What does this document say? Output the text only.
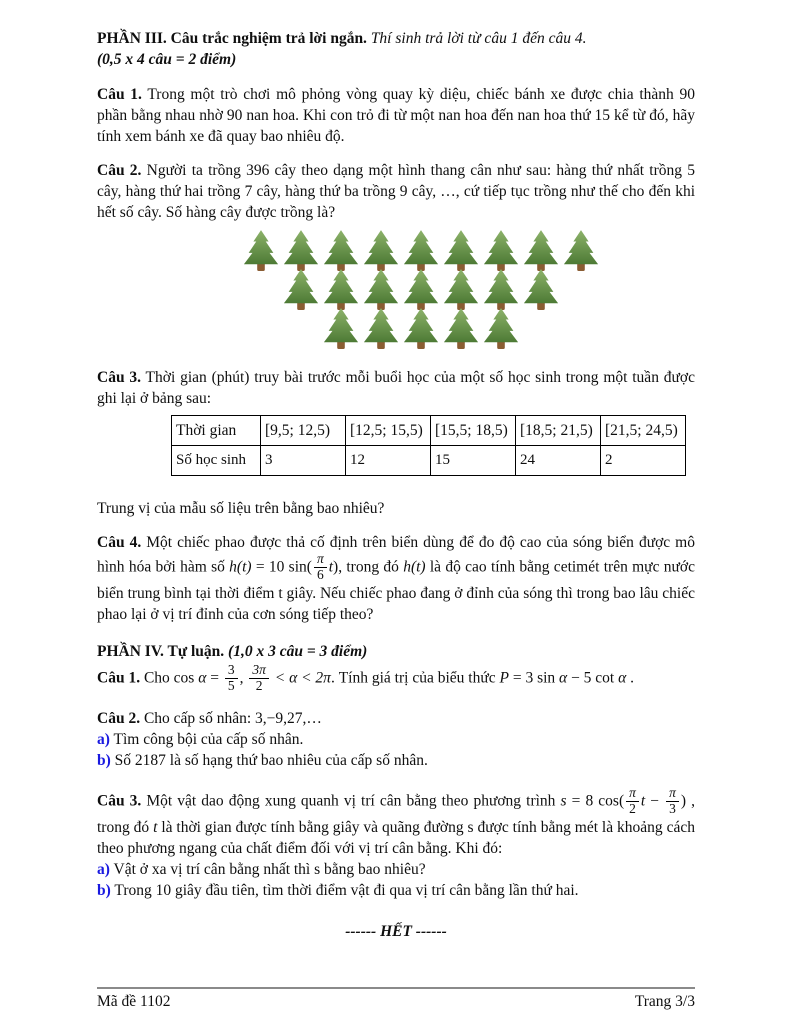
PHẦN III. Câu trắc nghiệm trả lời ngắn. Thí sinh trả lời từ câu 1 đến câu 4.
(0,5 x 4 câu = 2 điểm)

Câu 1. Trong một trò chơi mô phỏng vòng quay kỳ diệu, chiếc bánh xe được chia thành 90 phần bằng nhau nhờ 90 nan hoa. Khi con trỏ đi từ một nan hoa đến nan hoa thứ 15 kể từ đó, hãy tính xem bánh xe đã quay bao nhiêu độ.

Câu 2. Người ta trồng 396 cây theo dạng một hình thang cân như sau: hàng thứ nhất trồng 5 cây, hàng thứ hai trồng 7 cây, hàng thứ ba trồng 9 cây, …, cứ tiếp tục trồng như thế cho đến khi hết số cây. Số hàng cây được trồng là?

Câu 3. Thời gian (phút) truy bài trước mỗi buổi học của một số học sinh trong một tuần được ghi lại ở bảng sau:

Thời gian	[9,5; 12,5)	[12,5; 15,5)	[15,5; 18,5)	[18,5; 21,5)	[21,5; 24,5)
Số học sinh	3	12	15	24	2

Trung vị của mẫu số liệu trên bằng bao nhiêu?

Câu 4. Một chiếc phao được thả cố định trên biển dùng để đo độ cao của sóng biển được mô hình hóa bởi hàm số h(t) = 10 $\sin( \frac{\pi}{6} t)$, trong đó h(t) là độ cao tính bằng cetimét trên mực nước biển trung bình tại thời điểm t giây. Nếu chiếc phao đang ở đỉnh của sóng thì trong bao lâu chiếc phao lại ở vị trí đỉnh của cơn sóng tiếp theo?

PHẦN IV. Tự luận. (1,0 x 3 câu = 3 điểm)

Câu 1. Cho $\cos \alpha = \frac{3}{5}$ , $\frac{3\pi}{2} < \alpha < 2\pi$. Tính giá trị của biểu thức P = 3 sin α − 5 cot α .

Câu 2. Cho cấp số nhân: 3,−9,27,…
a) Tìm công bội của cấp số nhân.
b) Số 2187 là số hạng thứ bao nhiêu của cấp số nhân.

Câu 3. Một vật dao động xung quanh vị trí cân bằng theo phương trình s = 8 $\cos( \frac{\pi}{2}$ $t - \frac{\pi}{3}$ ) , trong đó t là thời gian được tính bằng giây và quãng đường s được tính bằng mét là khoảng cách theo phương ngang của chất điểm đối với vị trí cân bằng. Khi đó:

a) Vật ở xa vị trí cân bằng nhất thì s bằng bao nhiêu?
b) Trong 10 giây đầu tiên, tìm thời điểm vật đi qua vị trí cân bằng lần thứ hai.

------ HẾT ------

Mã đề 1102	Trang 3/3
